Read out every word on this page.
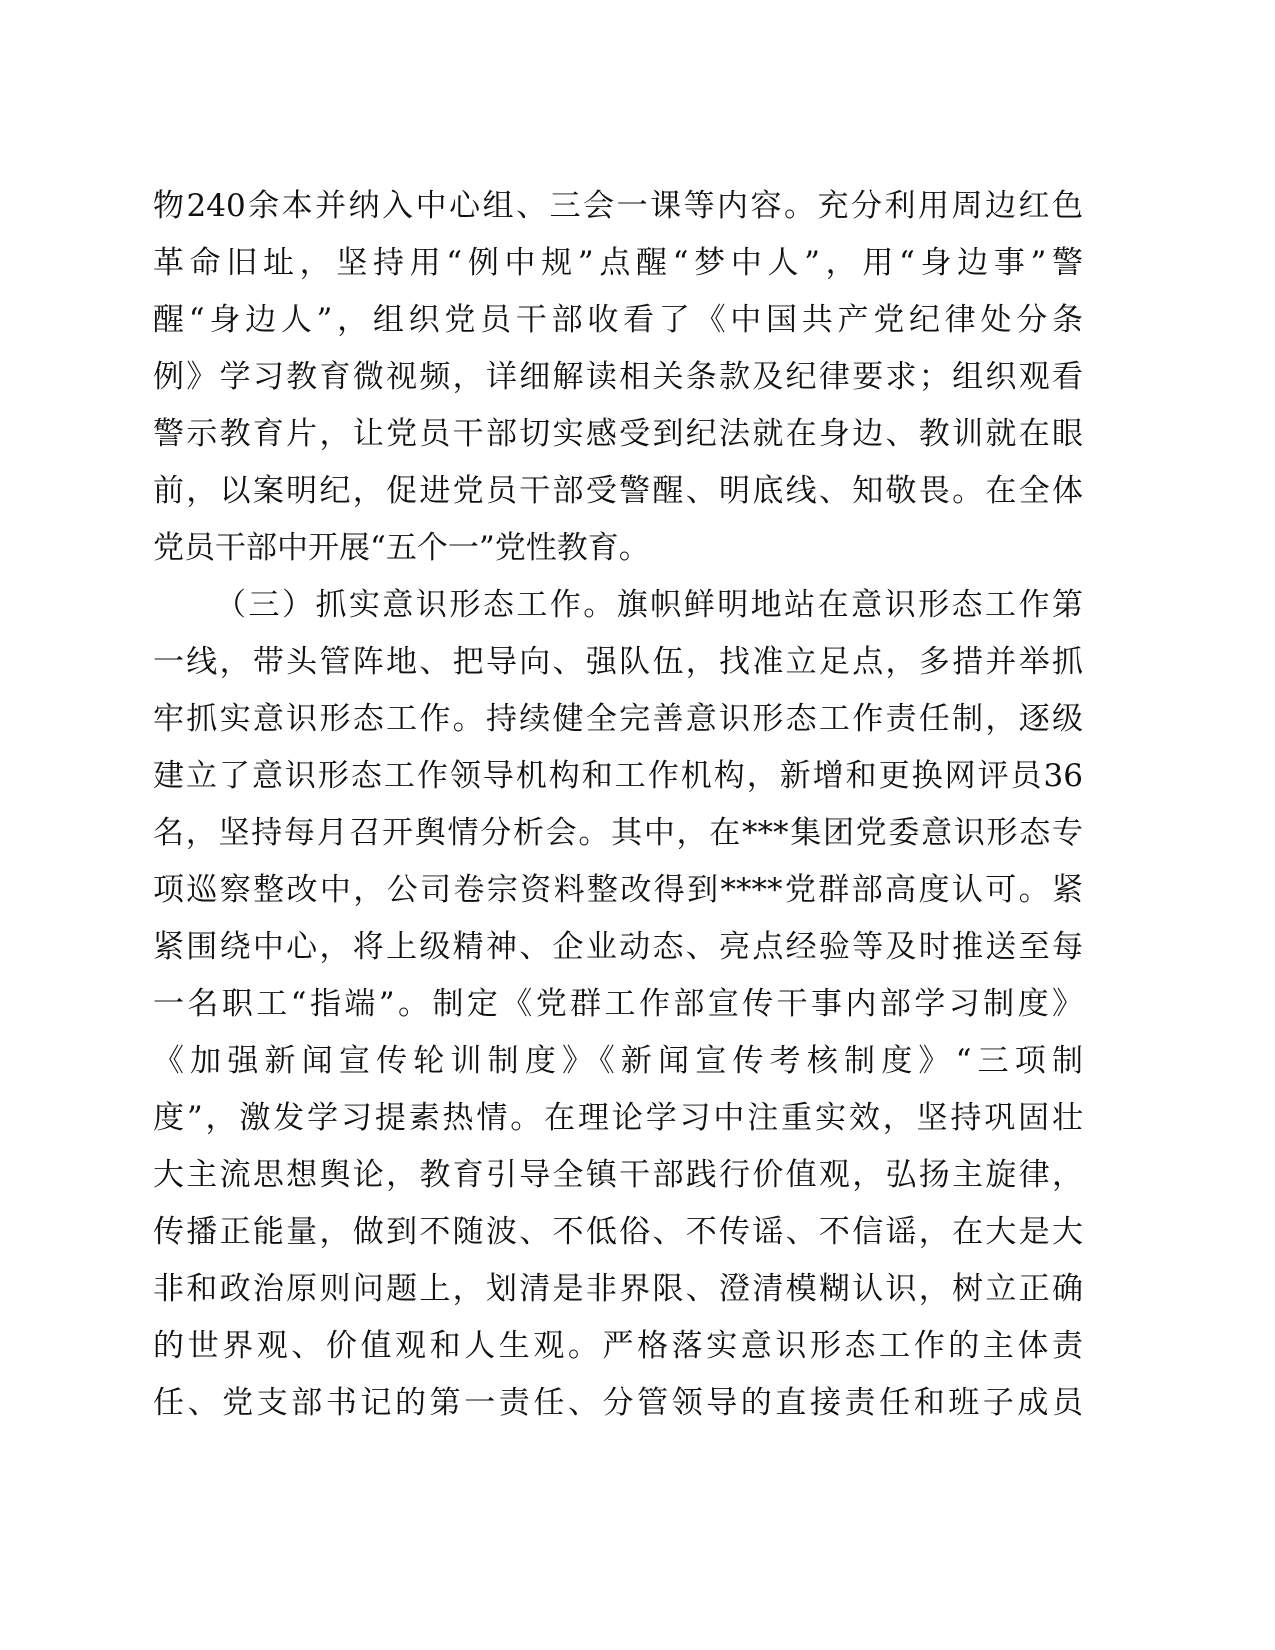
物240余本并纳入中心组、三会一课等内容。充分利用周边红色
革命旧址，坚持用“例中规”点醒“梦中人”，用“身边事”警
醒“身边人”，组织党员干部收看了《中国共产党纪律处分条
例》学习教育微视频，详细解读相关条款及纪律要求；组织观看
警示教育片，让党员干部切实感受到纪法就在身边、教训就在眼
前，以案明纪，促进党员干部受警醒、明底线、知敬畏。在全体
党员干部中开展“五个一”党性教育。
（三）抓实意识形态工作。旗帜鲜明地站在意识形态工作第
一线，带头管阵地、把导向、强队伍，找准立足点，多措并举抓
牢抓实意识形态工作。持续健全完善意识形态工作责任制，逐级
建立了意识形态工作领导机构和工作机构，新增和更换网评员36
名，坚持每月召开舆情分析会。其中，在***集团党委意识形态专
项巡察整改中，公司卷宗资料整改得到****党群部高度认可。紧
紧围绕中心，将上级精神、企业动态、亮点经验等及时推送至每
一名职工“指端”。制定《党群工作部宣传干事内部学习制度》
《加强新闻宣传轮训制度》《新闻宣传考核制度》“三项制
度”，激发学习提素热情。在理论学习中注重实效，坚持巩固壮
大主流思想舆论，教育引导全镇干部践行价值观，弘扬主旋律，
传播正能量，做到不随波、不低俗、不传谣、不信谣，在大是大
非和政治原则问题上，划清是非界限、澄清模糊认识，树立正确
的世界观、价值观和人生观。严格落实意识形态工作的主体责
任、党支部书记的第一责任、分管领导的直接责任和班子成员
